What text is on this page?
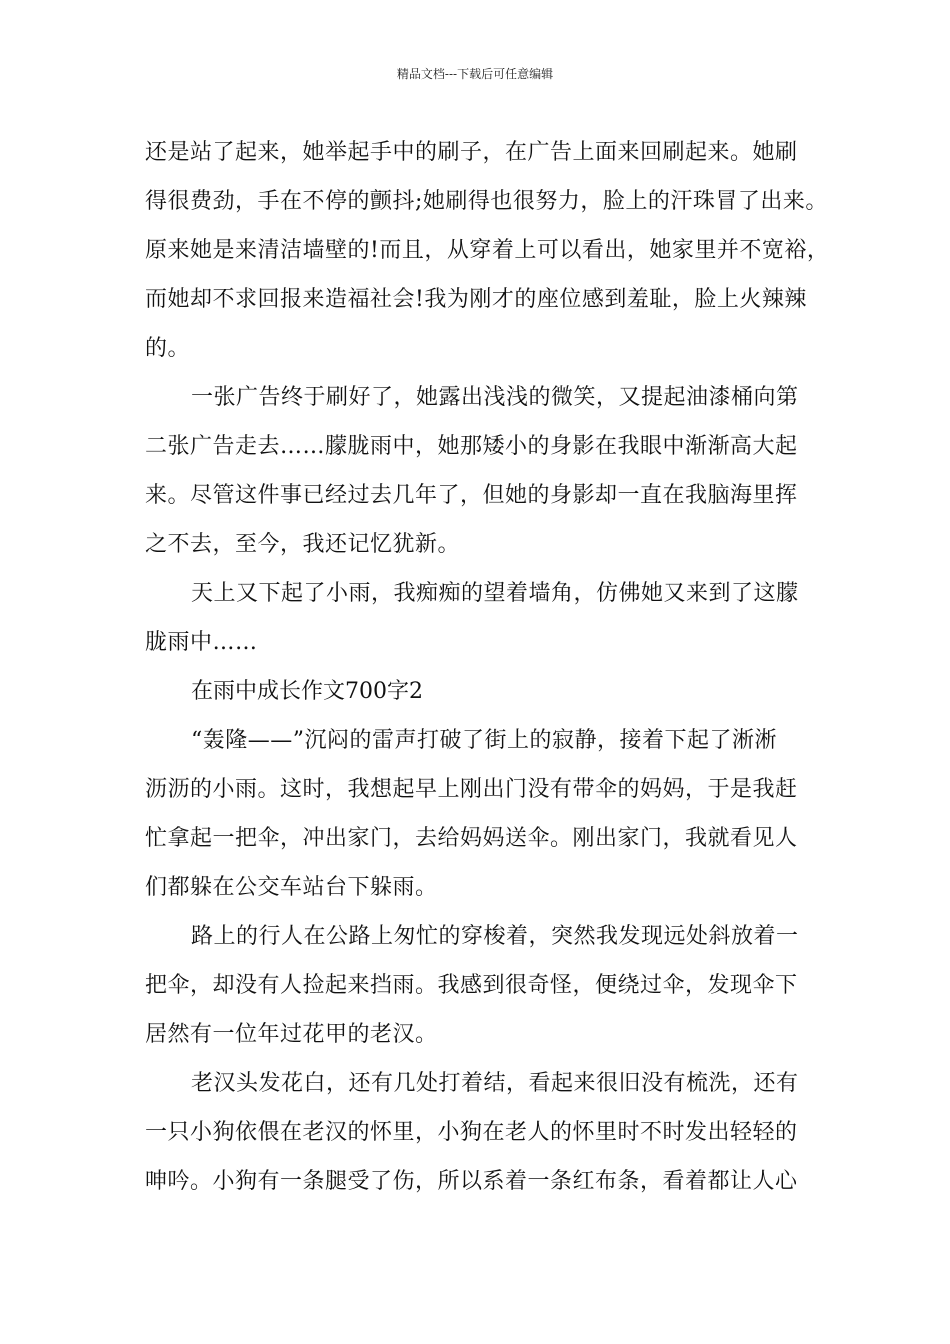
精品文档---下载后可任意编辑

还是站了起来，她举起手中的刷子，在广告上面来回刷起来。她刷
得很费劲，手在不停的颤抖;她刷得也很努力，脸上的汗珠冒了出来。
原来她是来清洁墙壁的!而且，从穿着上可以看出，她家里并不宽裕，
而她却不求回报来造福社会!我为刚才的座位感到羞耻，脸上火辣辣
的。

一张广告终于刷好了，她露出浅浅的微笑，又提起油漆桶向第
二张广告走去……朦胧雨中，她那矮小的身影在我眼中渐渐高大起
来。尽管这件事已经过去几年了，但她的身影却一直在我脑海里挥
之不去，至今，我还记忆犹新。

天上又下起了小雨，我痴痴的望着墙角，仿佛她又来到了这朦
胧雨中……

在雨中成长作文700字2

“轰隆——”沉闷的雷声打破了街上的寂静，接着下起了淅淅
沥沥的小雨。这时，我想起早上刚出门没有带伞的妈妈，于是我赶
忙拿起一把伞，冲出家门，去给妈妈送伞。刚出家门，我就看见人
们都躲在公交车站台下躲雨。

路上的行人在公路上匆忙的穿梭着，突然我发现远处斜放着一
把伞，却没有人捡起来挡雨。我感到很奇怪，便绕过伞，发现伞下
居然有一位年过花甲的老汉。

老汉头发花白，还有几处打着结，看起来很旧没有梳洗，还有
一只小狗依偎在老汉的怀里，小狗在老人的怀里时不时发出轻轻的
呻吟。小狗有一条腿受了伤，所以系着一条红布条，看着都让人心
